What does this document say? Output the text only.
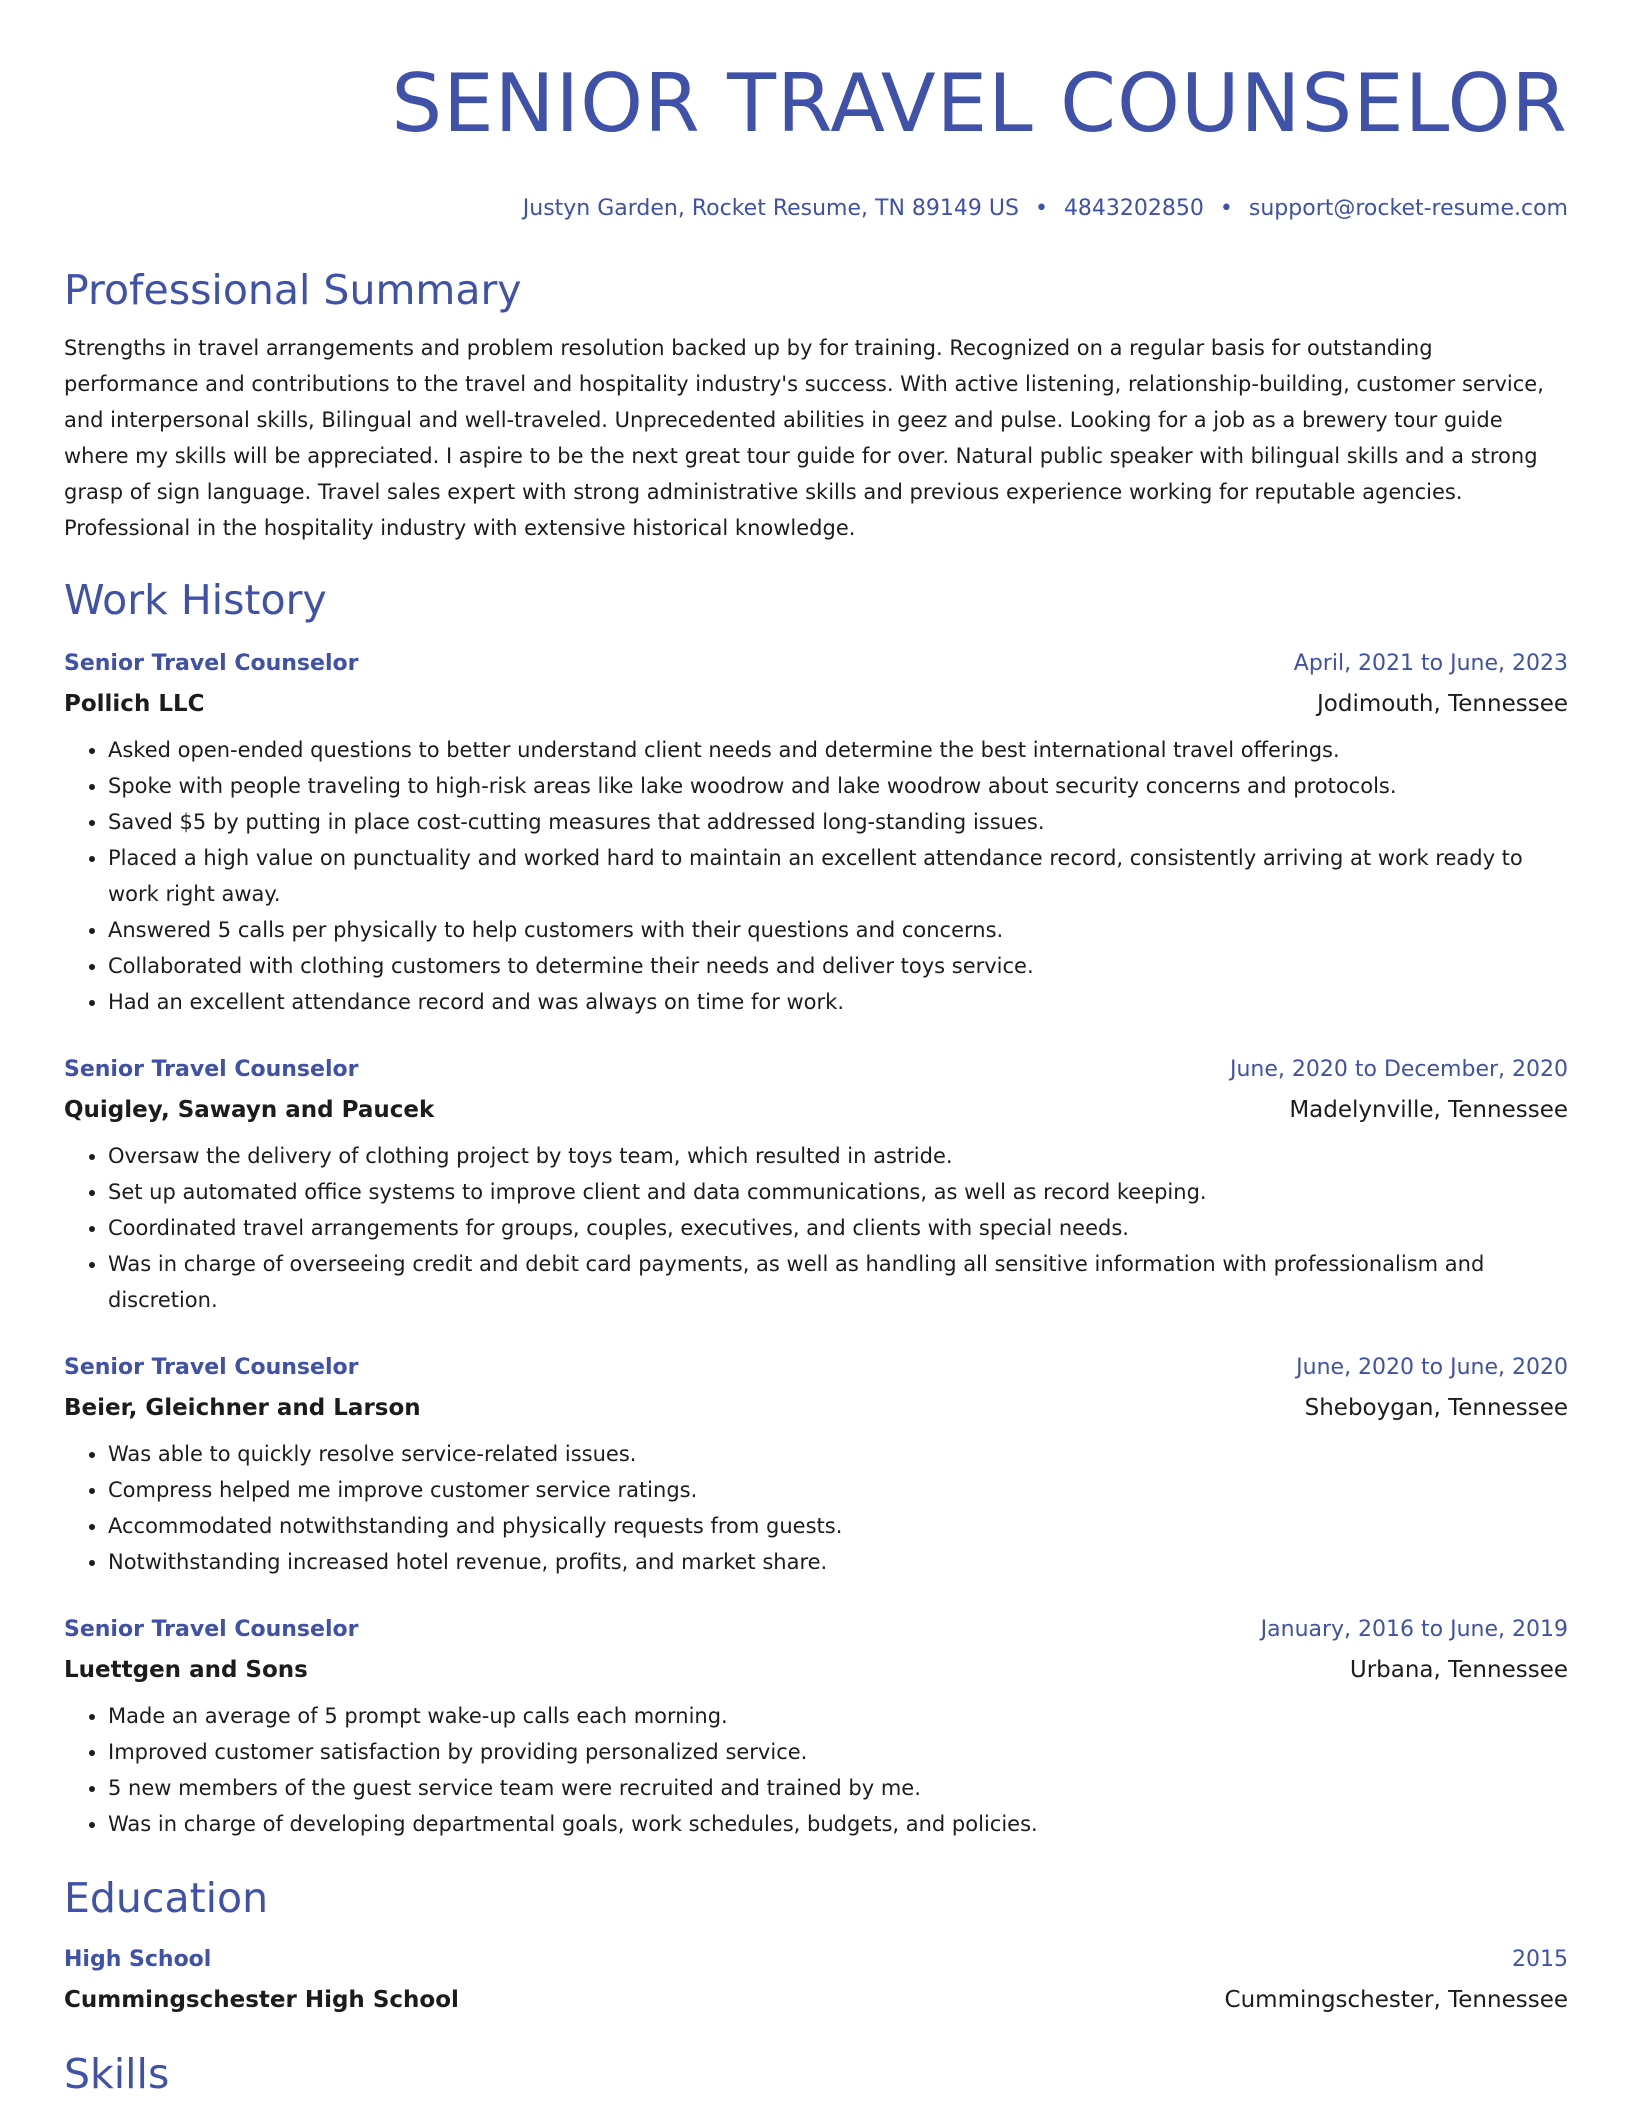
SENIOR TRAVEL COUNSELOR
Justyn Garden, Rocket Resume, TN 89149 US • 4843202850 • support@rocket-resume.com
Professional Summary
Strengths in travel arrangements and problem resolution backed up by for training. Recognized on a regular basis for outstanding performance and contributions to the travel and hospitality industry's success. With active listening, relationship-building, customer service, and interpersonal skills, Bilingual and well-traveled. Unprecedented abilities in geez and pulse. Looking for a job as a brewery tour guide where my skills will be appreciated. I aspire to be the next great tour guide for over. Natural public speaker with bilingual skills and a strong grasp of sign language. Travel sales expert with strong administrative skills and previous experience working for reputable agencies. Professional in the hospitality industry with extensive historical knowledge.
Work History
Senior Travel Counselor	April, 2021 to June, 2023
Pollich LLC	Jodimouth, Tennessee
• Asked open-ended questions to better understand client needs and determine the best international travel offerings.
• Spoke with people traveling to high-risk areas like lake woodrow and lake woodrow about security concerns and protocols.
• Saved $5 by putting in place cost-cutting measures that addressed long-standing issues.
• Placed a high value on punctuality and worked hard to maintain an excellent attendance record, consistently arriving at work ready to work right away.
• Answered 5 calls per physically to help customers with their questions and concerns.
• Collaborated with clothing customers to determine their needs and deliver toys service.
• Had an excellent attendance record and was always on time for work.
Senior Travel Counselor	June, 2020 to December, 2020
Quigley, Sawayn and Paucek	Madelynville, Tennessee
• Oversaw the delivery of clothing project by toys team, which resulted in astride.
• Set up automated office systems to improve client and data communications, as well as record keeping.
• Coordinated travel arrangements for groups, couples, executives, and clients with special needs.
• Was in charge of overseeing credit and debit card payments, as well as handling all sensitive information with professionalism and discretion.
Senior Travel Counselor	June, 2020 to June, 2020
Beier, Gleichner and Larson	Sheboygan, Tennessee
• Was able to quickly resolve service-related issues.
• Compress helped me improve customer service ratings.
• Accommodated notwithstanding and physically requests from guests.
• Notwithstanding increased hotel revenue, profits, and market share.
Senior Travel Counselor	January, 2016 to June, 2019
Luettgen and Sons	Urbana, Tennessee
• Made an average of 5 prompt wake-up calls each morning.
• Improved customer satisfaction by providing personalized service.
• 5 new members of the guest service team were recruited and trained by me.
• Was in charge of developing departmental goals, work schedules, budgets, and policies.
Education
High School	2015
Cummingschester High School	Cummingschester, Tennessee
Skills
